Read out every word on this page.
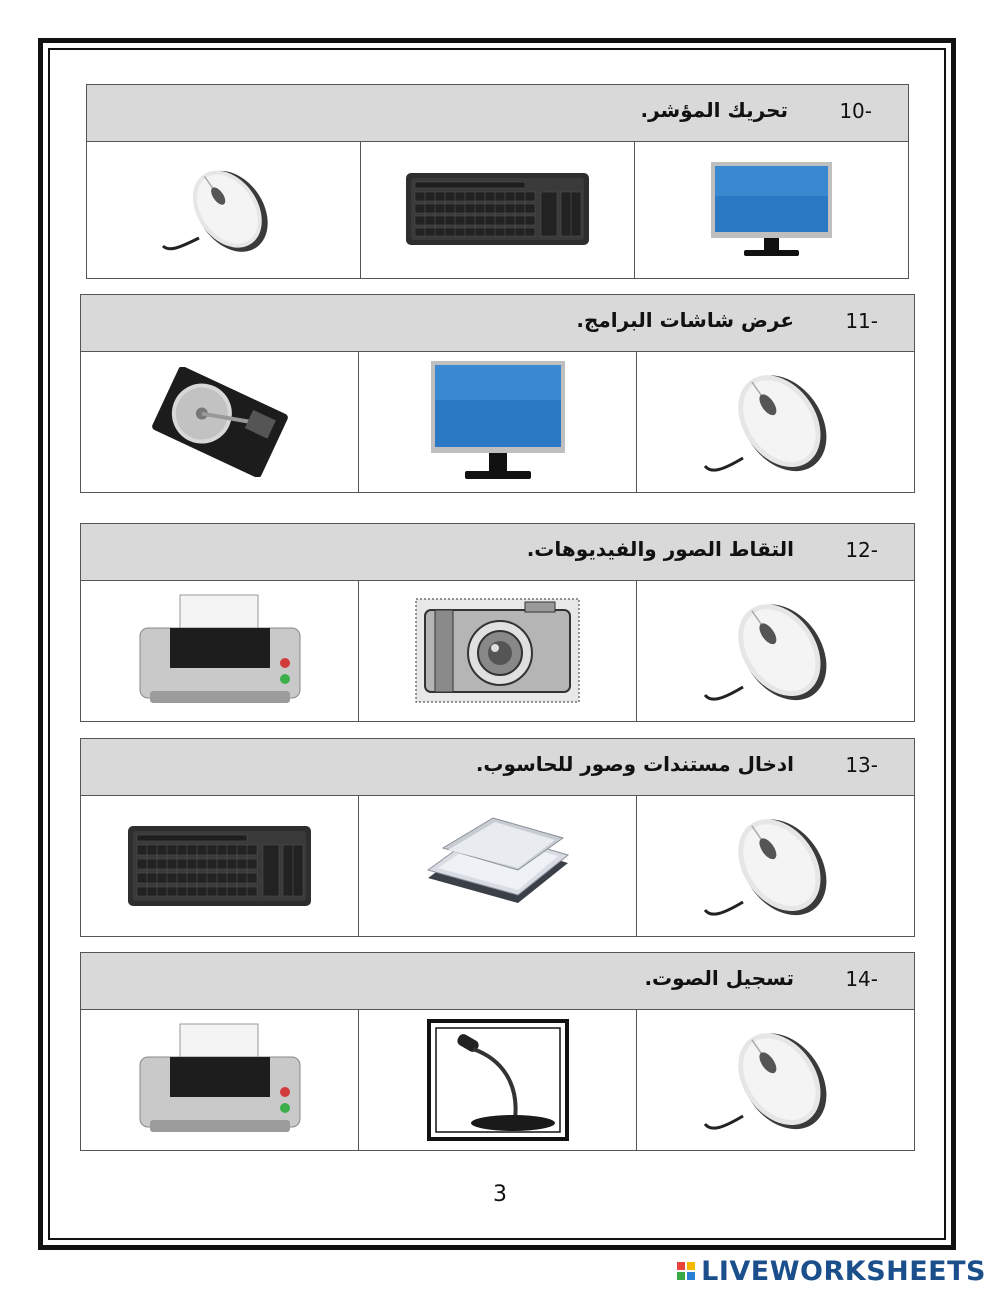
10-
تحريك المؤشر.
11-
عرض شاشات البرامج.
12-
التقاط الصور والفيديوهات.
13-
ادخال مستندات وصور للحاسوب.
14-
تسجيل الصوت.
3
LIVEWORKSHEETS
